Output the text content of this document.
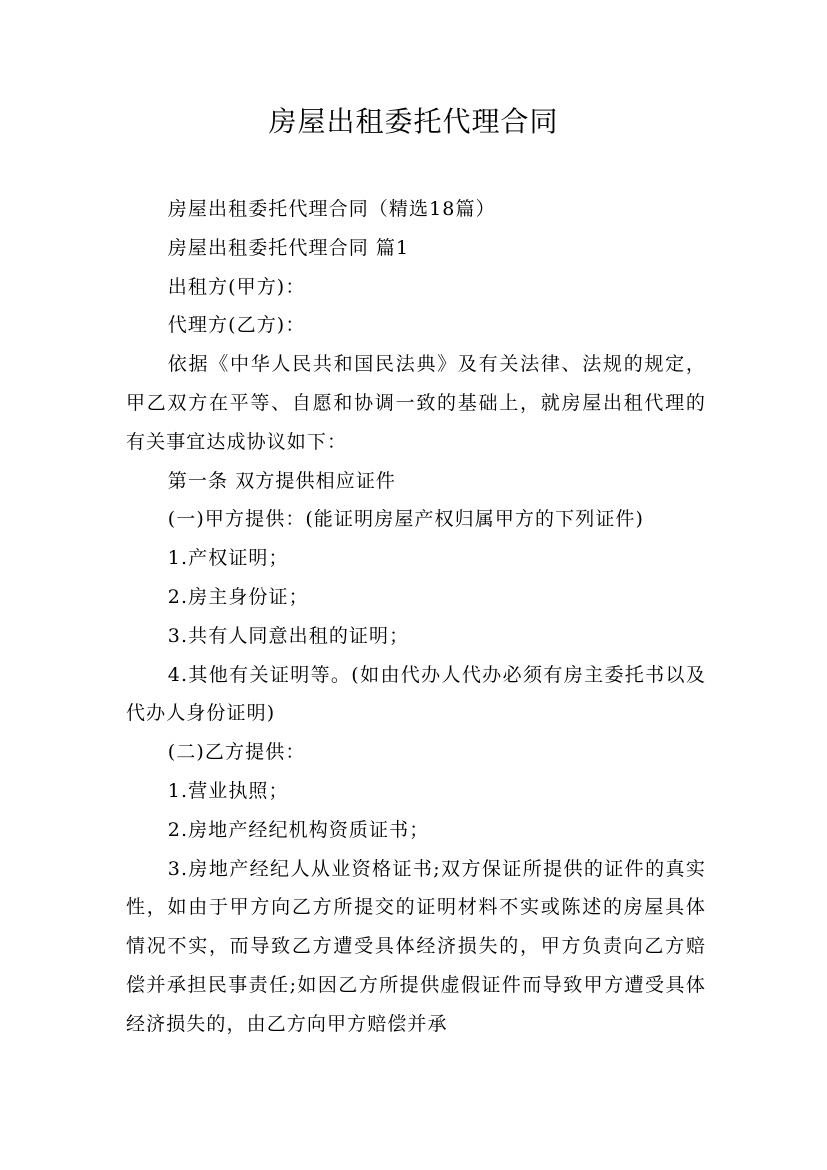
房屋出租委托代理合同

房屋出租委托代理合同（精选18篇）

房屋出租委托代理合同 篇1

出租方(甲方)：

代理方(乙方)：

依据《中华人民共和国民法典》及有关法律、法规的规定，甲乙双方在平等、自愿和协调一致的基础上，就房屋出租代理的有关事宜达成协议如下：

第一条 双方提供相应证件

(一)甲方提供：(能证明房屋产权归属甲方的下列证件)

1.产权证明；

2.房主身份证；

3.共有人同意出租的证明；

4.其他有关证明等。(如由代办人代办必须有房主委托书以及代办人身份证明)

(二)乙方提供：

1.营业执照；

2.房地产经纪机构资质证书；

3.房地产经纪人从业资格证书;双方保证所提供的证件的真实性，如由于甲方向乙方所提交的证明材料不实或陈述的房屋具体情况不实，而导致乙方遭受具体经济损失的，甲方负责向乙方赔偿并承担民事责任;如因乙方所提供虚假证件而导致甲方遭受具体经济损失的，由乙方向甲方赔偿并承
